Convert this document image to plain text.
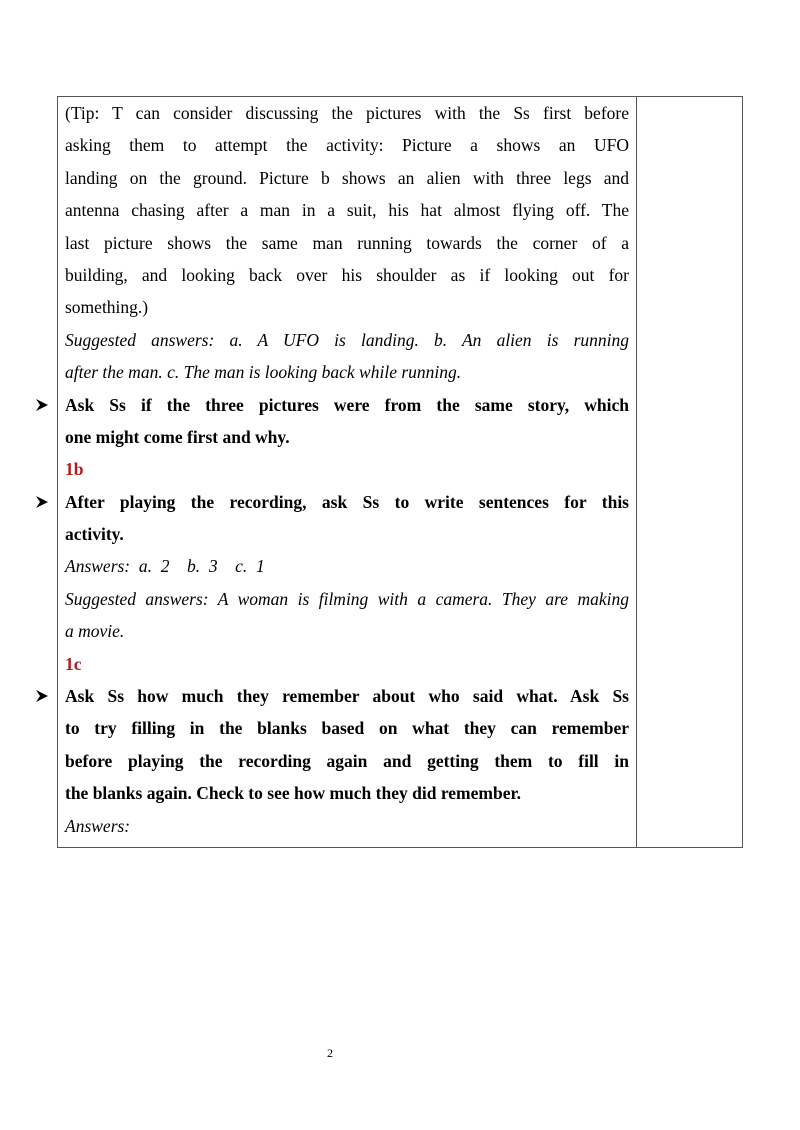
(Tip: T can consider discussing the pictures with the Ss first before
asking them to attempt the activity: Picture a shows an UFO
landing on the ground. Picture b shows an alien with three legs and
antenna chasing after a man in a suit, his hat almost flying off. The
last picture shows the same man running towards the corner of a
building, and looking back over his shoulder as if looking out for
something.)
Suggested answers: a. A UFO is landing. b. An alien is running
after the man. c. The man is looking back while running.
Ask Ss if the three pictures were from the same story, which
one might come first and why.
1b
After playing the recording, ask Ss to write sentences for this
activity.
Answers:  a.  2    b.  3    c.  1
Suggested answers: A woman is filming with a camera. They are making
a movie.
1c
Ask Ss how much they remember about who said what. Ask Ss
to try filling in the blanks based on what they can remember
before playing the recording again and getting them to fill in
the blanks again. Check to see how much they did remember.
Answers:
2
